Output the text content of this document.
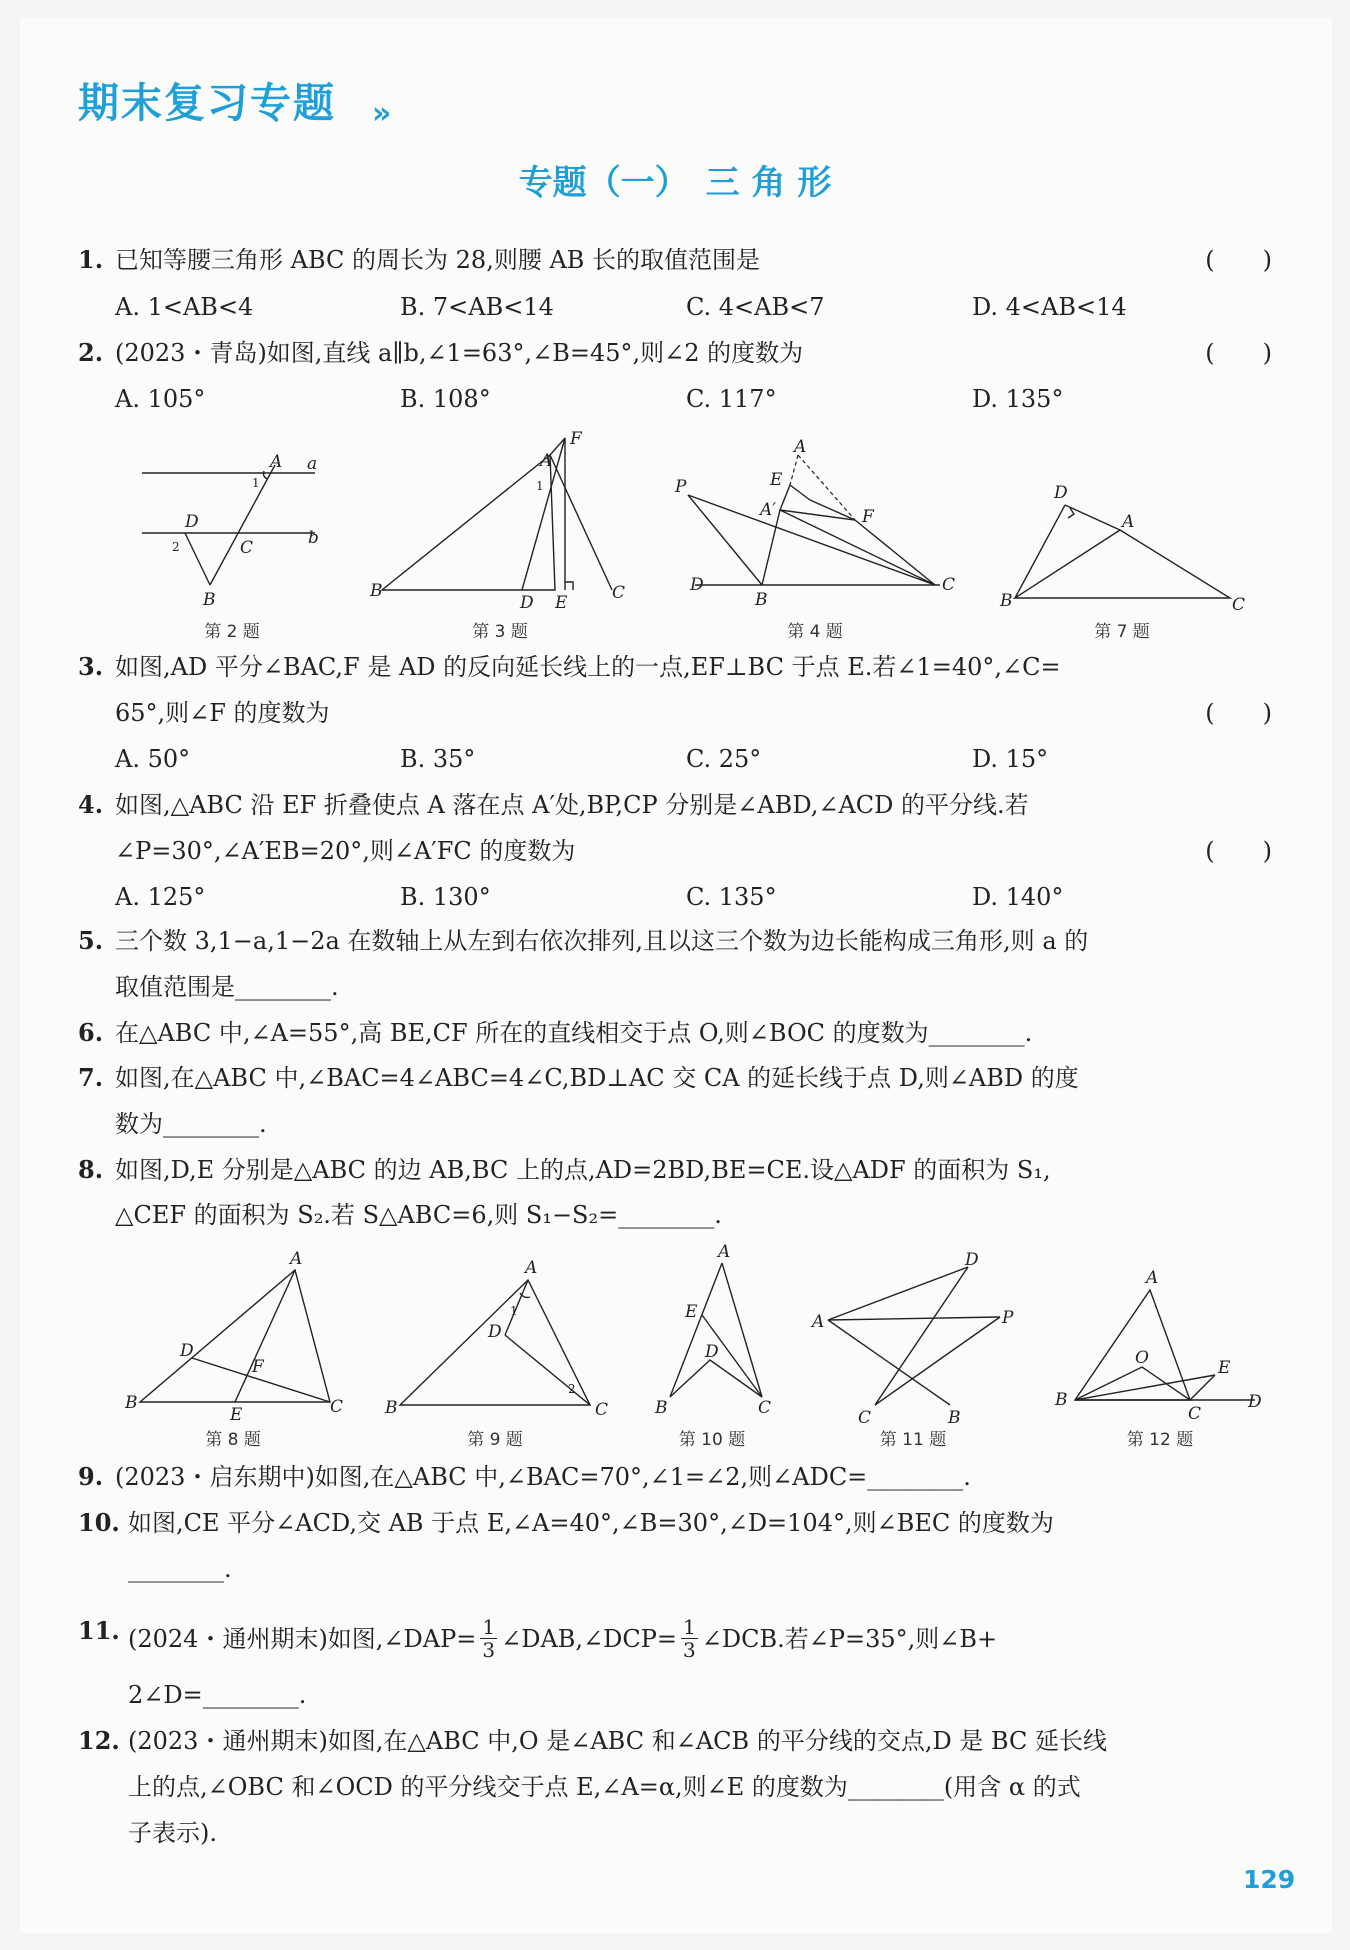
期末复习专题 »
专题（一）　三 角 形
1. 已知等腰三角形 ABC 的周长为 28,则腰 AB 长的取值范围是	(　　)
A. 1<AB<4	B. 7<AB<14	C. 4<AB<7	D. 4<AB<14
2. (2023・青岛)如图,直线 a∥b,∠1=63°,∠B=45°,则∠2 的度数为	(　　)
A. 105°	B. 108°	C. 117°	D. 135°
A a
1
D
C	b
2
B
第 2 题
B
D E	C
A
F
1
第 3 题
A
E
A′	F
P
D
B
C
第 4 题
D
A
B	C
第 7 题
3. 如图,AD 平分∠BAC,F 是 AD 的反向延长线上的一点,EF⊥BC 于点 E.若∠1=40°,∠C=
65°,则∠F 的度数为	(　　)
A. 50°	B. 35°	C. 25°	D. 15°
4. 如图,△ABC 沿 EF 折叠使点 A 落在点 A′处,BP,CP 分别是∠ABD,∠ACD 的平分线.若
∠P=30°,∠A′EB=20°,则∠A′FC 的度数为	(　　)
A. 125°	B. 130°	C. 135°	D. 140°
5. 三个数 3,1−a,1−2a 在数轴上从左到右依次排列,且以这三个数为边长能构成三角形,则 a 的
取值范围是________.
6. 在△ABC 中,∠A=55°,高 BE,CF 所在的直线相交于点 O,则∠BOC 的度数为________.
7. 如图,在△ABC 中,∠BAC=4∠ABC=4∠C,BD⊥AC 交 CA 的延长线于点 D,则∠ABD 的度
数为________.
8. 如图,D,E 分别是△ABC 的边 AB,BC 上的点,AD=2BD,BE=CE.设△ADF 的面积为 S₁,
△CEF 的面积为 S₂.若 S△ABC=6,则 S₁−S₂=________.
D
F
E
B	C
A
第 8 题
A
D
1
2
B	C
第 9 题
A
E
D
B	C
第 10 题
D
A	P
C	B
第 11 题
A
O	E
B
C
D
第 12 题
9. (2023・启东期中)如图,在△ABC 中,∠BAC=70°,∠1=∠2,则∠ADC=________.
10. 如图,CE 平分∠ACD,交 AB 于点 E,∠A=40°,∠B=30°,∠D=104°,则∠BEC 的度数为
________.
11. (2024・通州期末)如图,∠DAP= $\frac{1}{3}$ ∠DAB,∠DCP= $\frac{1}{3}$ ∠DCB.若∠P=35°,则∠B+
2∠D=________.
12. (2023・通州期末)如图,在△ABC 中,O 是∠ABC 和∠ACB 的平分线的交点,D 是 BC 延长线
上的点,∠OBC 和∠OCD 的平分线交于点 E,∠A=α,则∠E 的度数为________(用含 α 的式
子表示).
129
